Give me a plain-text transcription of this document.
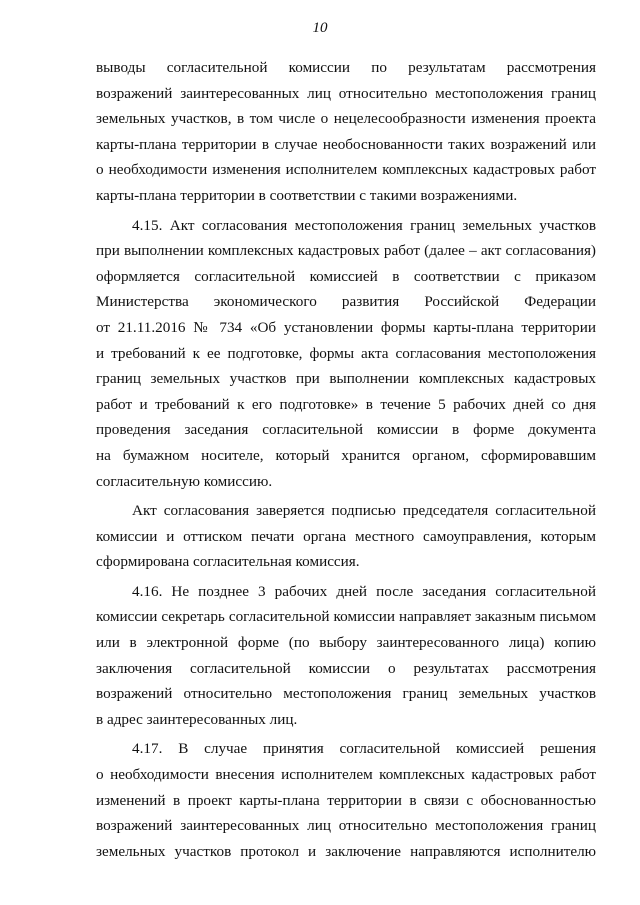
10

выводы согласительной комиссии по результатам рассмотрения
возражений заинтересованных лиц относительно местоположения границ
земельных участков, в том числе о нецелесообразности изменения проекта
карты-плана территории в случае необоснованности таких возражений или
о необходимости изменения исполнителем комплексных кадастровых работ
карты-плана территории в соответствии с такими возражениями.

4.15. Акт согласования местоположения границ земельных участков
при выполнении комплексных кадастровых работ (далее – акт согласования)
оформляется согласительной комиссией в соответствии с приказом
Министерства экономического развития Российской Федерации
от 21.11.2016 № 734 «Об установлении формы карты-плана территории
и требований к ее подготовке, формы акта согласования местоположения
границ земельных участков при выполнении комплексных кадастровых
работ и требований к его подготовке» в течение 5 рабочих дней со дня
проведения заседания согласительной комиссии в форме документа
на бумажном носителе, который хранится органом, сформировавшим
согласительную комиссию.

Акт согласования заверяется подписью председателя согласительной
комиссии и оттиском печати органа местного самоуправления, которым
сформирована согласительная комиссия.

4.16. Не позднее 3 рабочих дней после заседания согласительной
комиссии секретарь согласительной комиссии направляет заказным письмом
или в электронной форме (по выбору заинтересованного лица) копию
заключения согласительной комиссии о результатах рассмотрения
возражений относительно местоположения границ земельных участков
в адрес заинтересованных лиц.

4.17. В случае принятия согласительной комиссией решения
о необходимости внесения исполнителем комплексных кадастровых работ
изменений в проект карты-плана территории в связи с обоснованностью
возражений заинтересованных лиц относительно местоположения границ
земельных участков протокол и заключение направляются исполнителю
